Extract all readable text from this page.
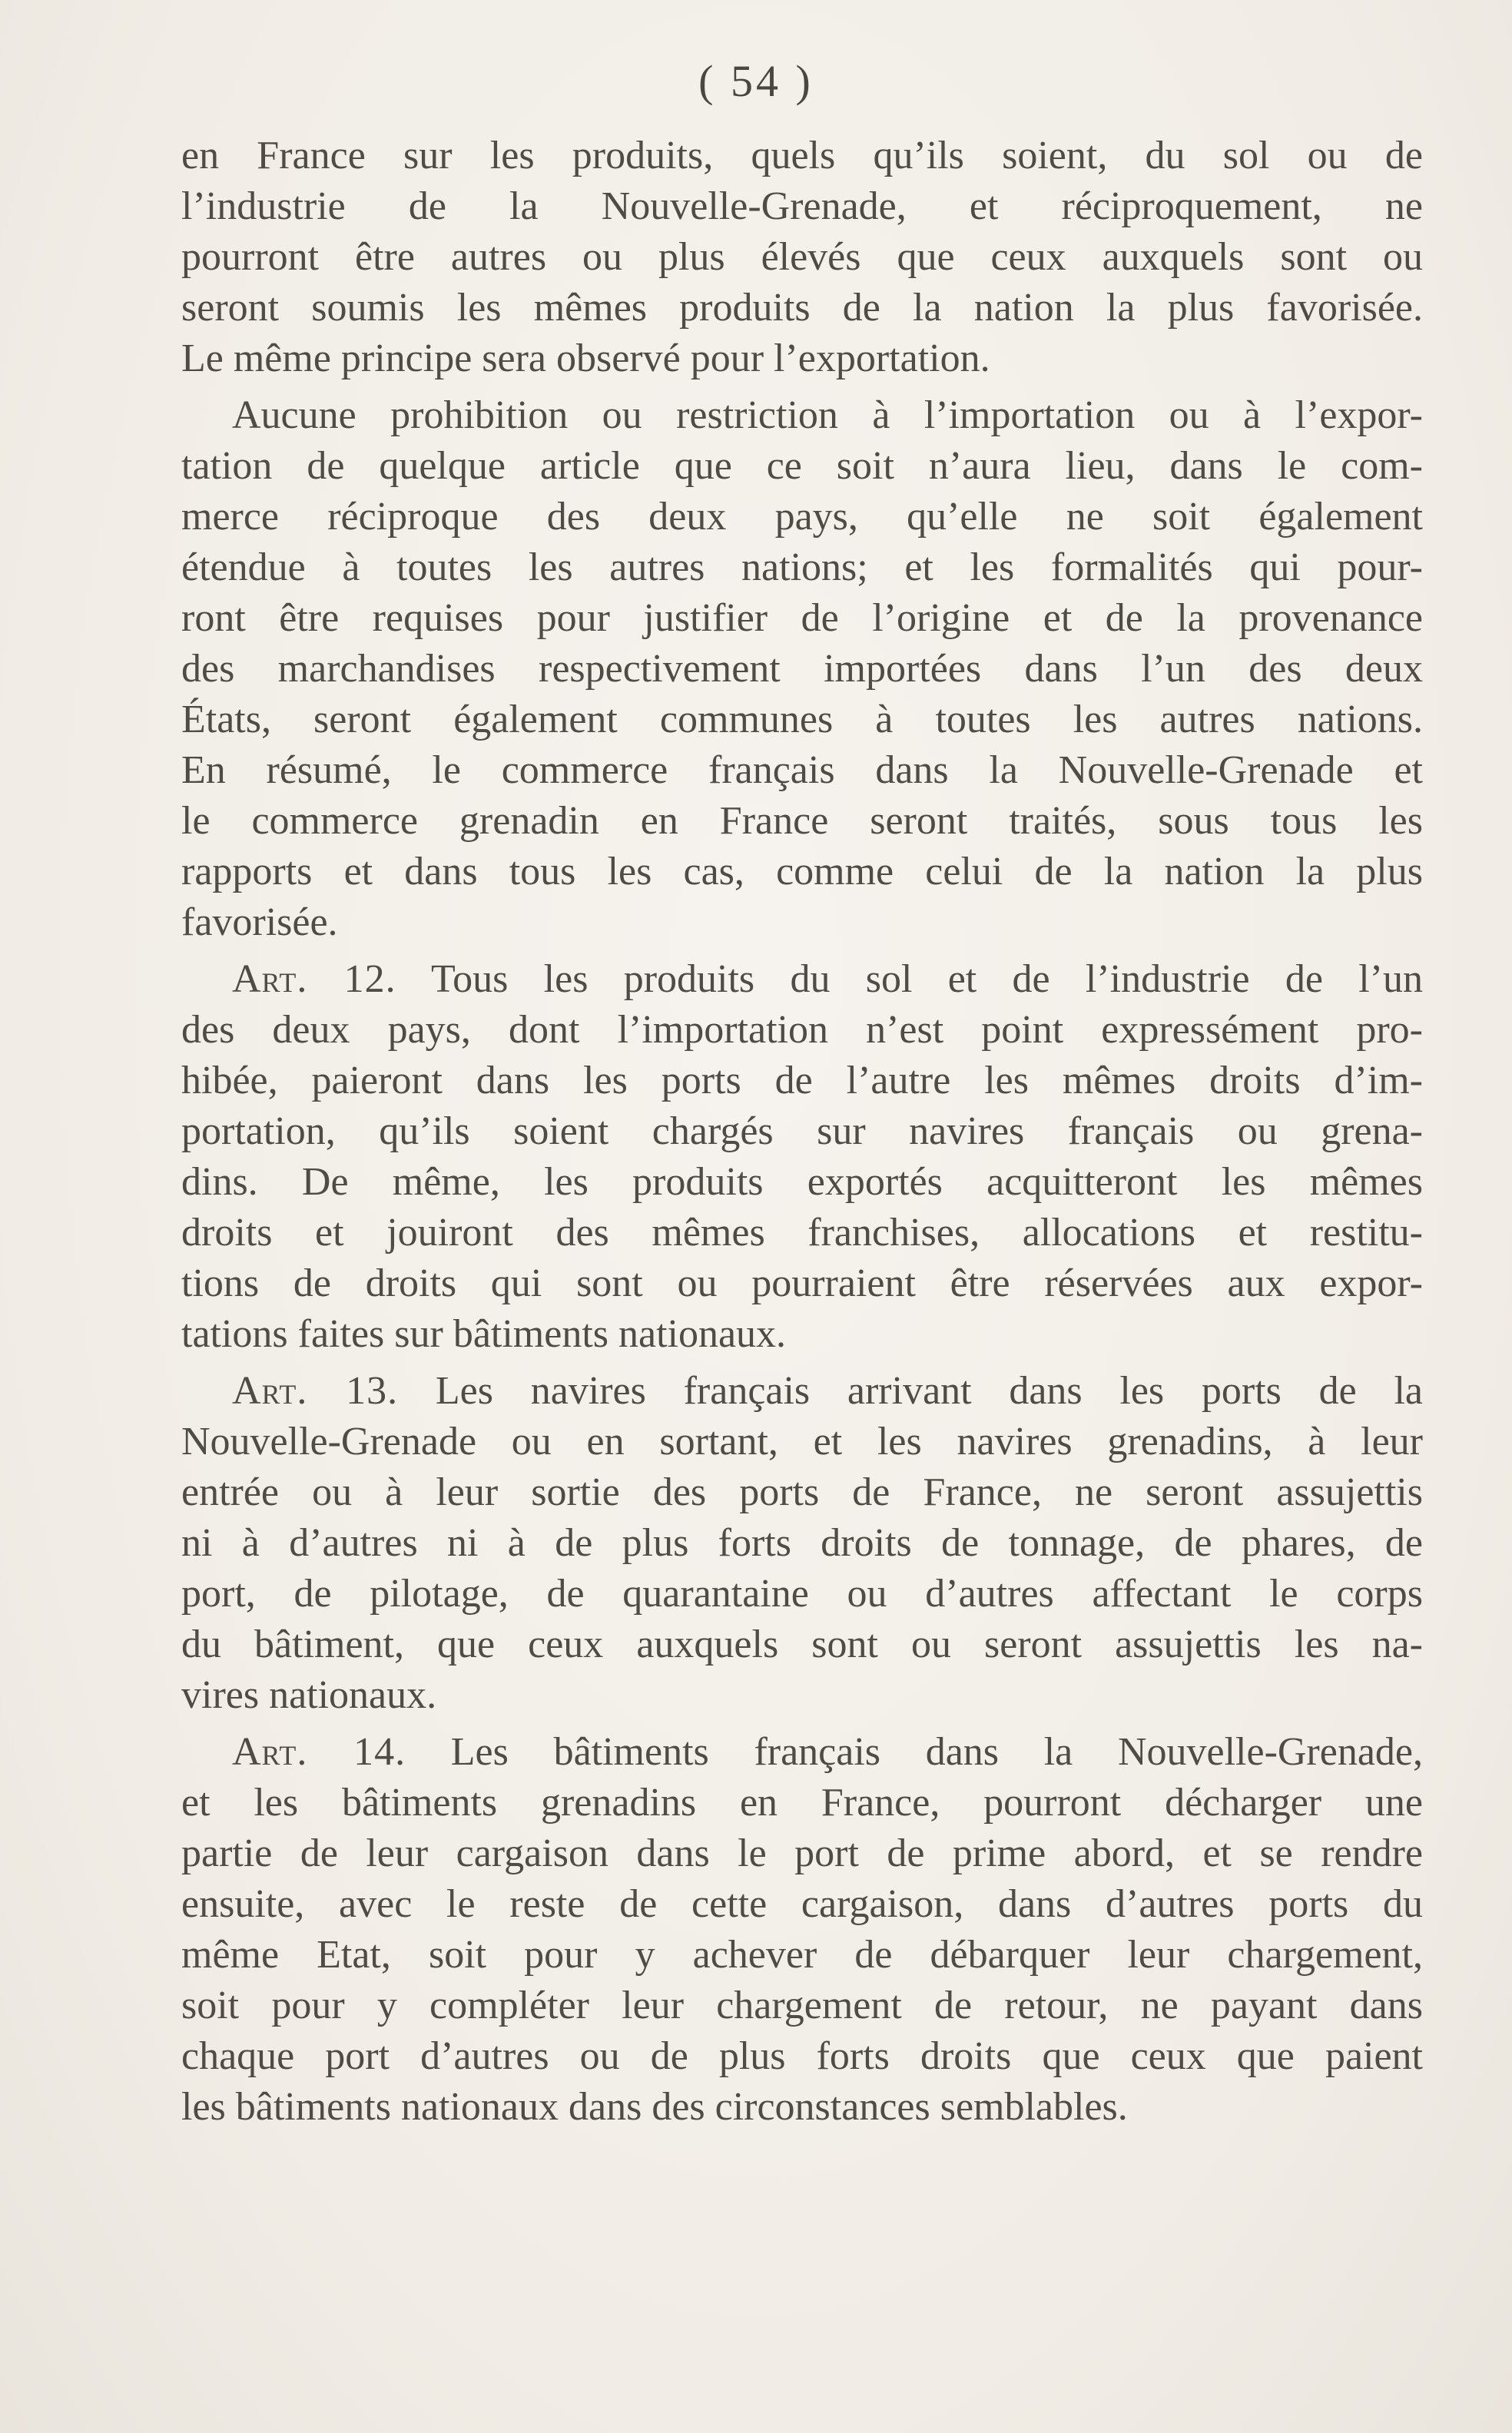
( 54 )
en France sur les produits, quels qu’ils soient, du sol ou de
l’industrie de la Nouvelle-Grenade, et réciproquement, ne
pourront être autres ou plus élevés que ceux auxquels sont ou
seront soumis les mêmes produits de la nation la plus favorisée.
Le même principe sera observé pour l’exportation.
Aucune prohibition ou restriction à l’importation ou à l’expor-
tation de quelque article que ce soit n’aura lieu, dans le com-
merce réciproque des deux pays, qu’elle ne soit également
étendue à toutes les autres nations; et les formalités qui pour-
ront être requises pour justifier de l’origine et de la provenance
des marchandises respectivement importées dans l’un des deux
États, seront également communes à toutes les autres nations.
En résumé, le commerce français dans la Nouvelle-Grenade et
le commerce grenadin en France seront traités, sous tous les
rapports et dans tous les cas, comme celui de la nation la plus
favorisée.
Art. 12. Tous les produits du sol et de l’industrie de l’un
des deux pays, dont l’importation n’est point expressément pro-
hibée, paieront dans les ports de l’autre les mêmes droits d’im-
portation, qu’ils soient chargés sur navires français ou grena-
dins. De même, les produits exportés acquitteront les mêmes
droits et jouiront des mêmes franchises, allocations et restitu-
tions de droits qui sont ou pourraient être réservées aux expor-
tations faites sur bâtiments nationaux.
Art. 13. Les navires français arrivant dans les ports de la
Nouvelle-Grenade ou en sortant, et les navires grenadins, à leur
entrée ou à leur sortie des ports de France, ne seront assujettis
ni à d’autres ni à de plus forts droits de tonnage, de phares, de
port, de pilotage, de quarantaine ou d’autres affectant le corps
du bâtiment, que ceux auxquels sont ou seront assujettis les na-
vires nationaux.
Art. 14. Les bâtiments français dans la Nouvelle-Grenade,
et les bâtiments grenadins en France, pourront décharger une
partie de leur cargaison dans le port de prime abord, et se rendre
ensuite, avec le reste de cette cargaison, dans d’autres ports du
même Etat, soit pour y achever de débarquer leur chargement,
soit pour y compléter leur chargement de retour, ne payant dans
chaque port d’autres ou de plus forts droits que ceux que paient
les bâtiments nationaux dans des circonstances semblables.
